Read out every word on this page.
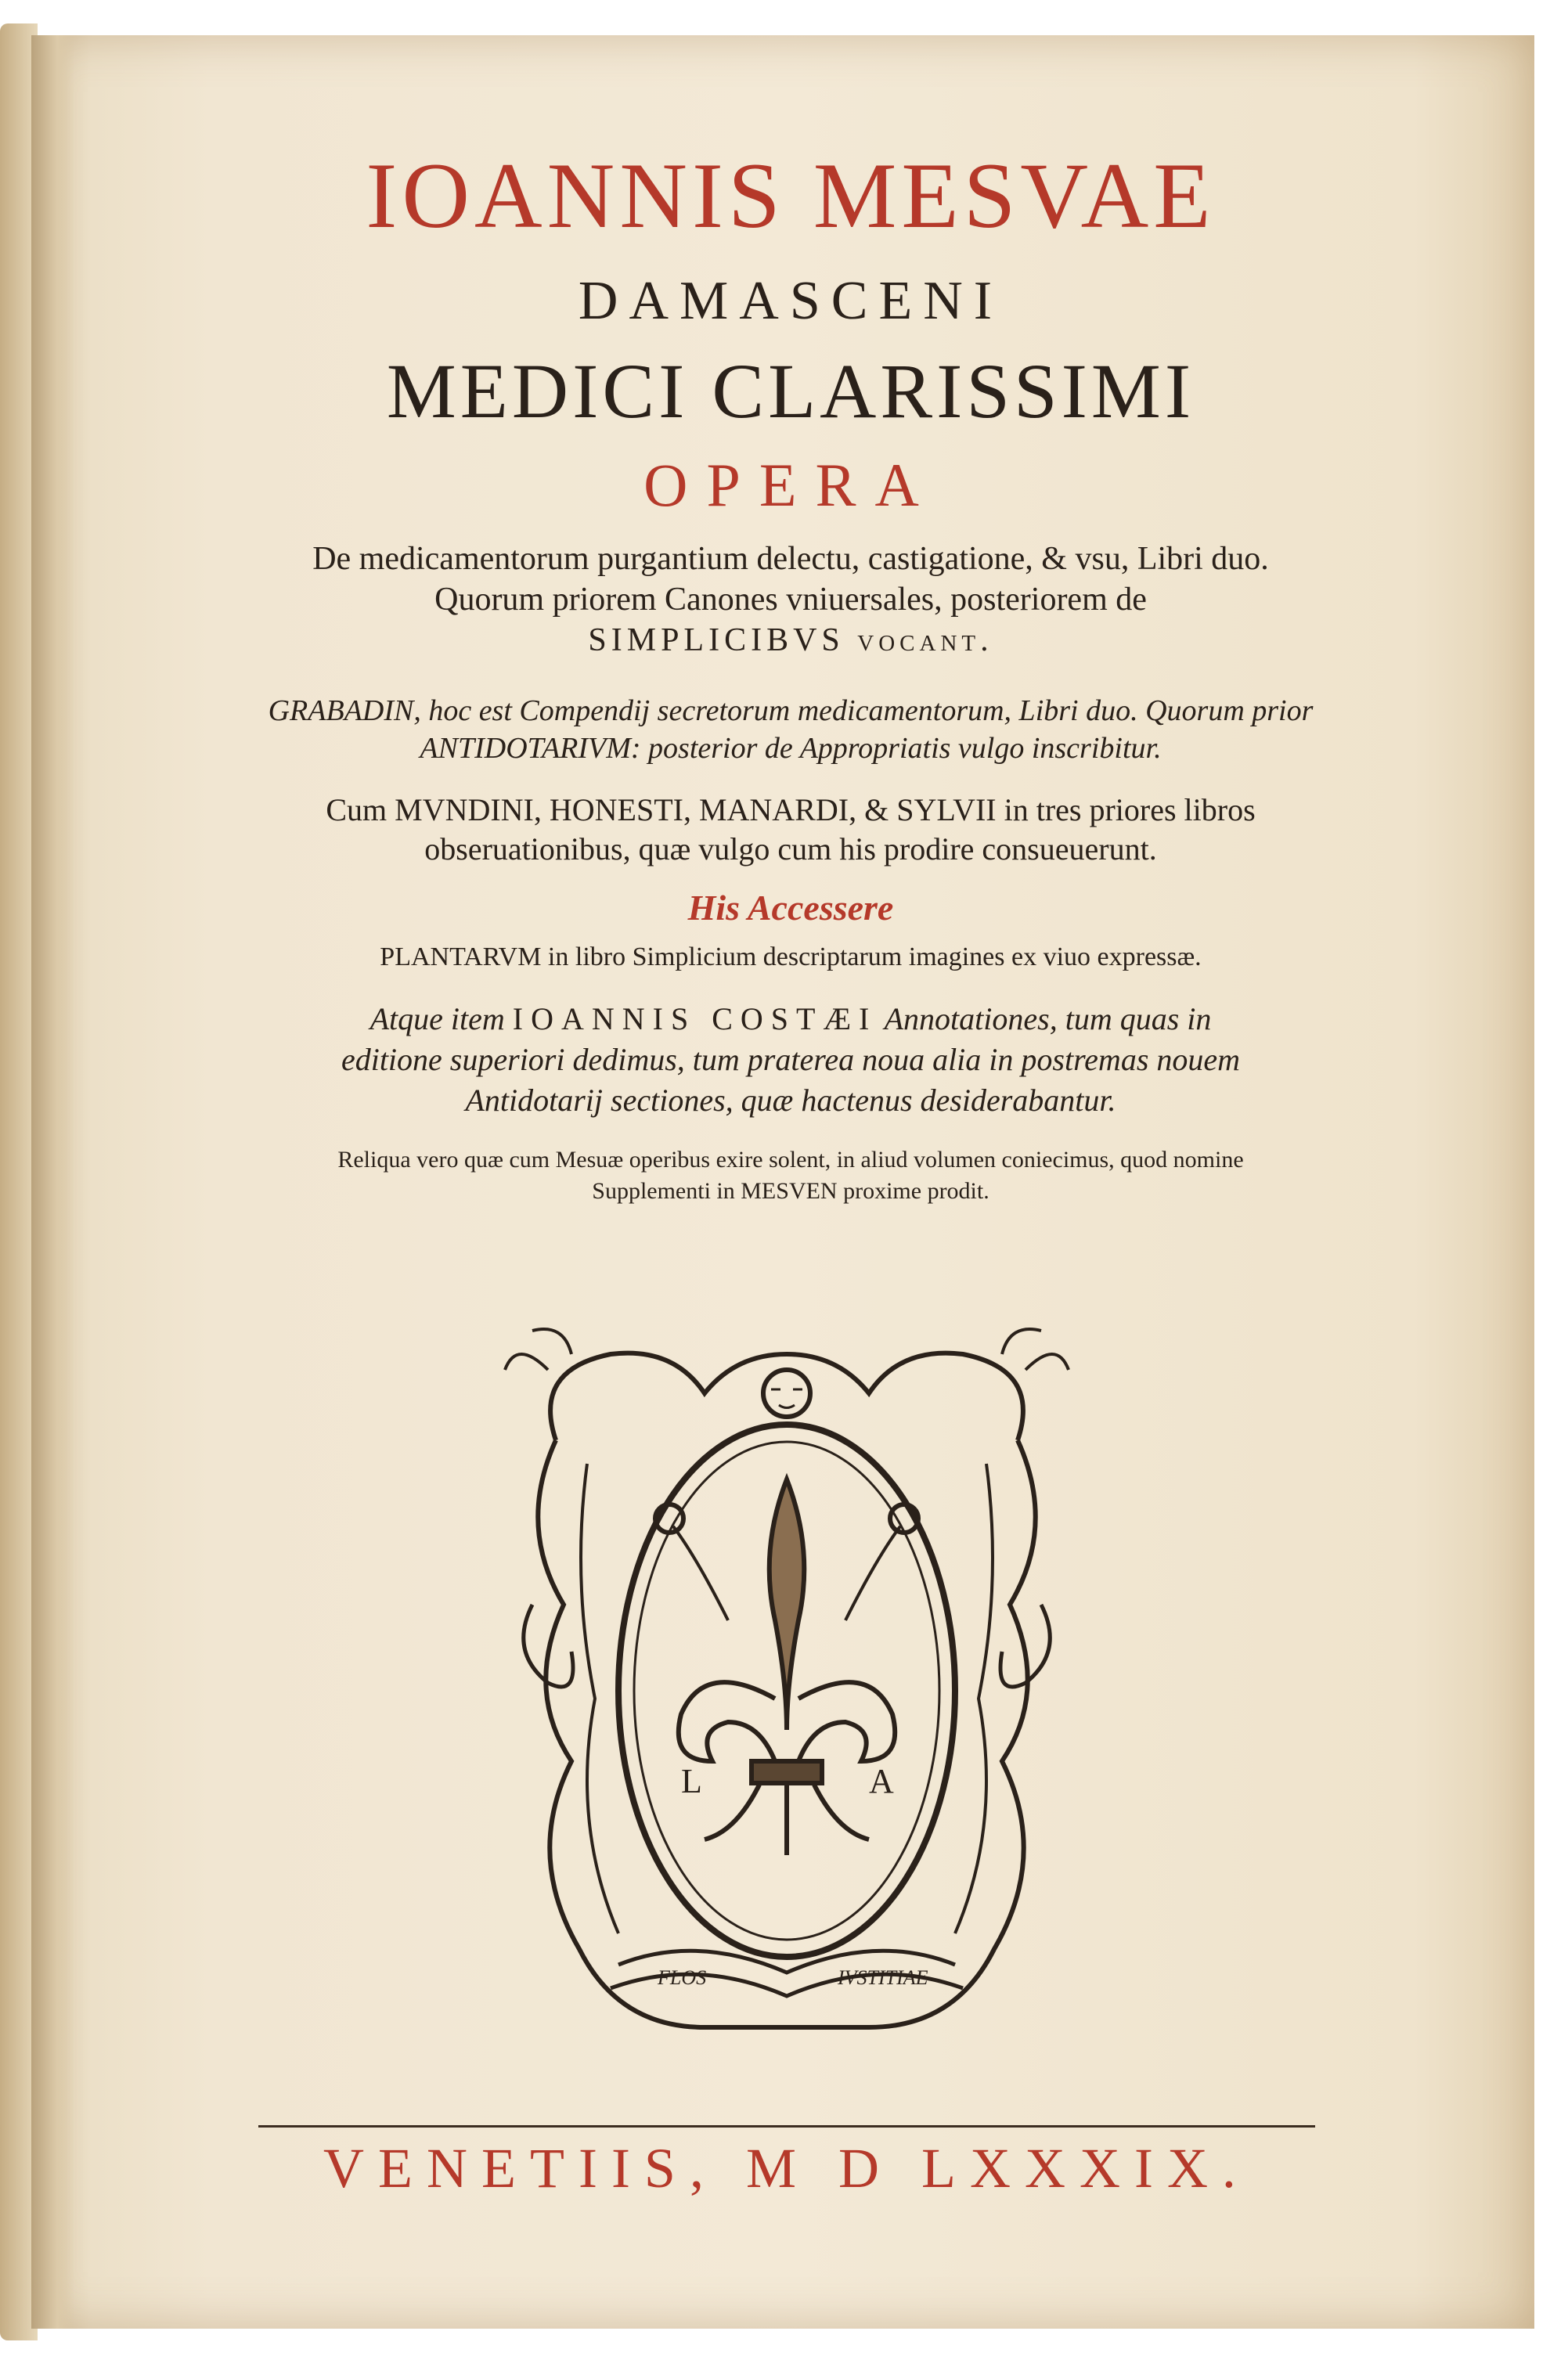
IOANNIS MESVAE
DAMASCENI
MEDICI CLARISSIMI
OPERA
De medicamentorum purgantium delectu, castigatione, & vsu, Libri duo.
Quorum priorem Canones vniuersales, posteriorem de
SIMPLICIBVS vocant.
GRABADIN, hoc est Compendij secretorum medicamentorum, Libri duo. Quorum prior
ANTIDOTARIVM: posterior de Appropriatis vulgo inscribitur.
Cum MVNDINI, HONESTI, MANARDI, & SYLVII in tres priores libros
obseruationibus, quæ vulgo cum his prodire consueuerunt.
His Accessere
PLANTARVM in libro Simplicium descriptarum imagines ex viuo expressæ.
Atque item IOANNIS COSTÆI Annotationes, tum quas in
editione superiori dedimus, tum praterea noua alia in postremas nouem
Antidotarij sectiones, quæ hactenus desiderabantur.
Reliqua vero quæ cum Mesuæ operibus exire solent, in aliud volumen coniecimus, quod nomine
Supplementi in MESVEN proxime prodit.
L	A
FLOS	IVSTITIAE
VENETIIS, M D LXXXIX.
